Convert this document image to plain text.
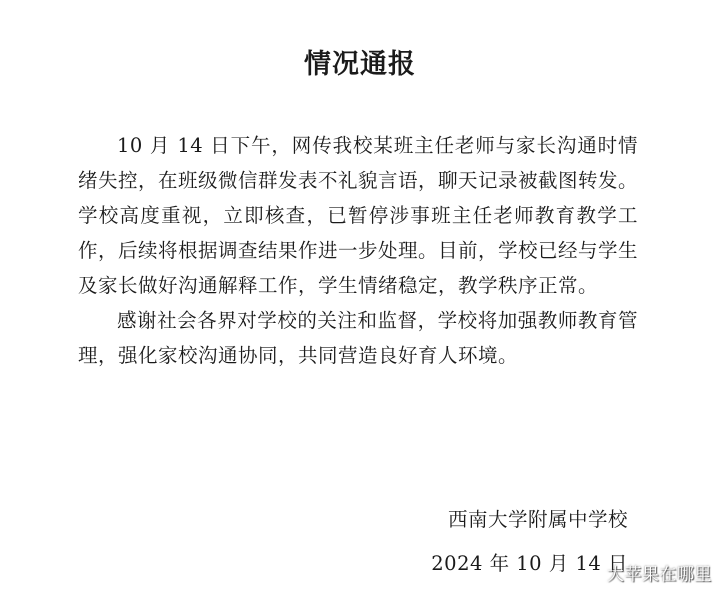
情况通报

10 月 14 日下午，网传我校某班主任老师与家长沟通时情绪失控，在班级微信群发表不礼貌言语，聊天记录被截图转发。学校高度重视，立即核查，已暂停涉事班主任老师教育教学工作，后续将根据调查结果作进一步处理。目前，学校已经与学生及家长做好沟通解释工作，学生情绪稳定，教学秩序正常。

感谢社会各界对学校的关注和监督，学校将加强教师教育管理，强化家校沟通协同，共同营造良好育人环境。

西南大学附属中学校
2024 年 10 月 14 日
大苹果在哪里
